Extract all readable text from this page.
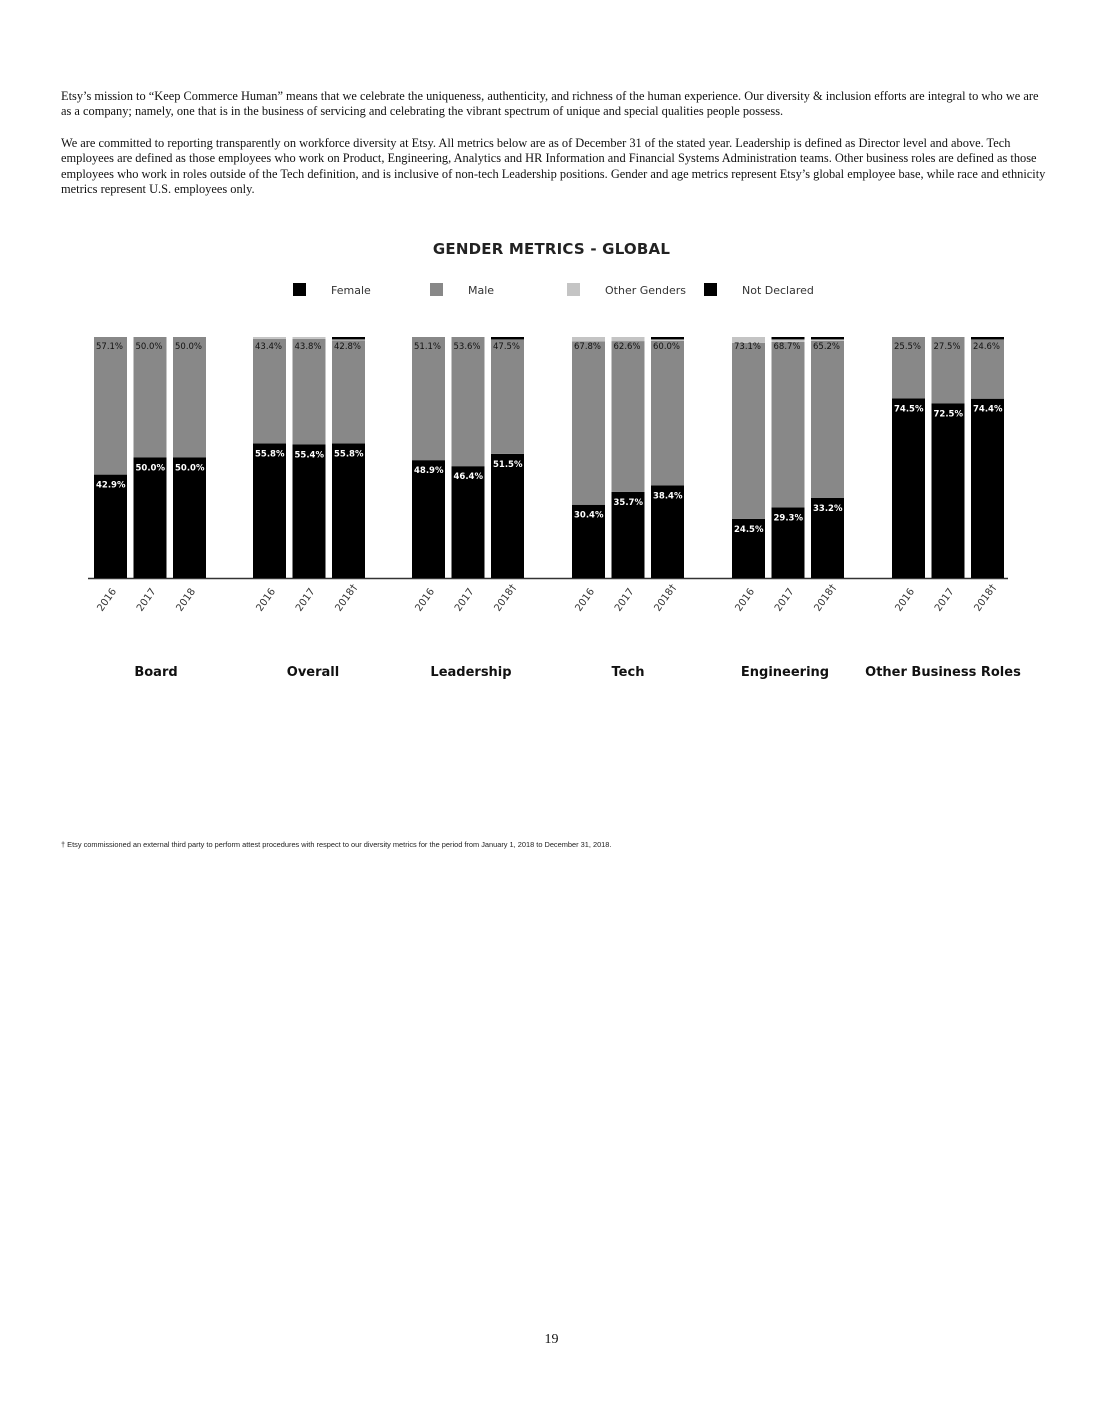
Etsy’s mission to “Keep Commerce Human” means that we celebrate the uniqueness, authenticity, and richness of the human experience. Our diversity & inclusion efforts are integral to who we are as a company; namely, one that is in the business of servicing and celebrating the vibrant spectrum of unique and special qualities people possess.

We are committed to reporting transparently on workforce diversity at Etsy. All metrics below are as of December 31 of the stated year. Leadership is defined as Director level and above. Tech employees are defined as those employees who work on Product, Engineering, Analytics and HR Information and Financial Systems Administration teams. Other business roles are defined as those employees who work in roles outside of the Tech definition, and is inclusive of non-tech Leadership positions. Gender and age metrics represent Etsy’s global employee base, while race and ethnicity metrics represent U.S. employees only.

GENDER METRICS - GLOBAL
Female	Male	Other Genders	Not Declared
42.9%
57.1%
2016
50.0%
50.0%
2017
50.0%
50.0%
2018
Board
55.8%
43.4%
2016
55.4%
43.8%
2017
55.8%
42.8%
2018†
Overall
48.9%
51.1%
2016
46.4%
53.6%
2017
51.5%
47.5%
2018†
Leadership
30.4%
67.8%
2016
35.7%
62.6%
2017
38.4%
60.0%
2018†
Tech
24.5%
73.1%
2016
29.3%
68.7%
2017
33.2%
65.2%
2018†
Engineering
74.5%
25.5%
2016
72.5%
27.5%
2017
74.4%
24.6%
2018†
Other Business Roles
† Etsy commissioned an external third party to perform attest procedures with respect to our diversity metrics for the period from January 1, 2018 to December 31, 2018.
19
